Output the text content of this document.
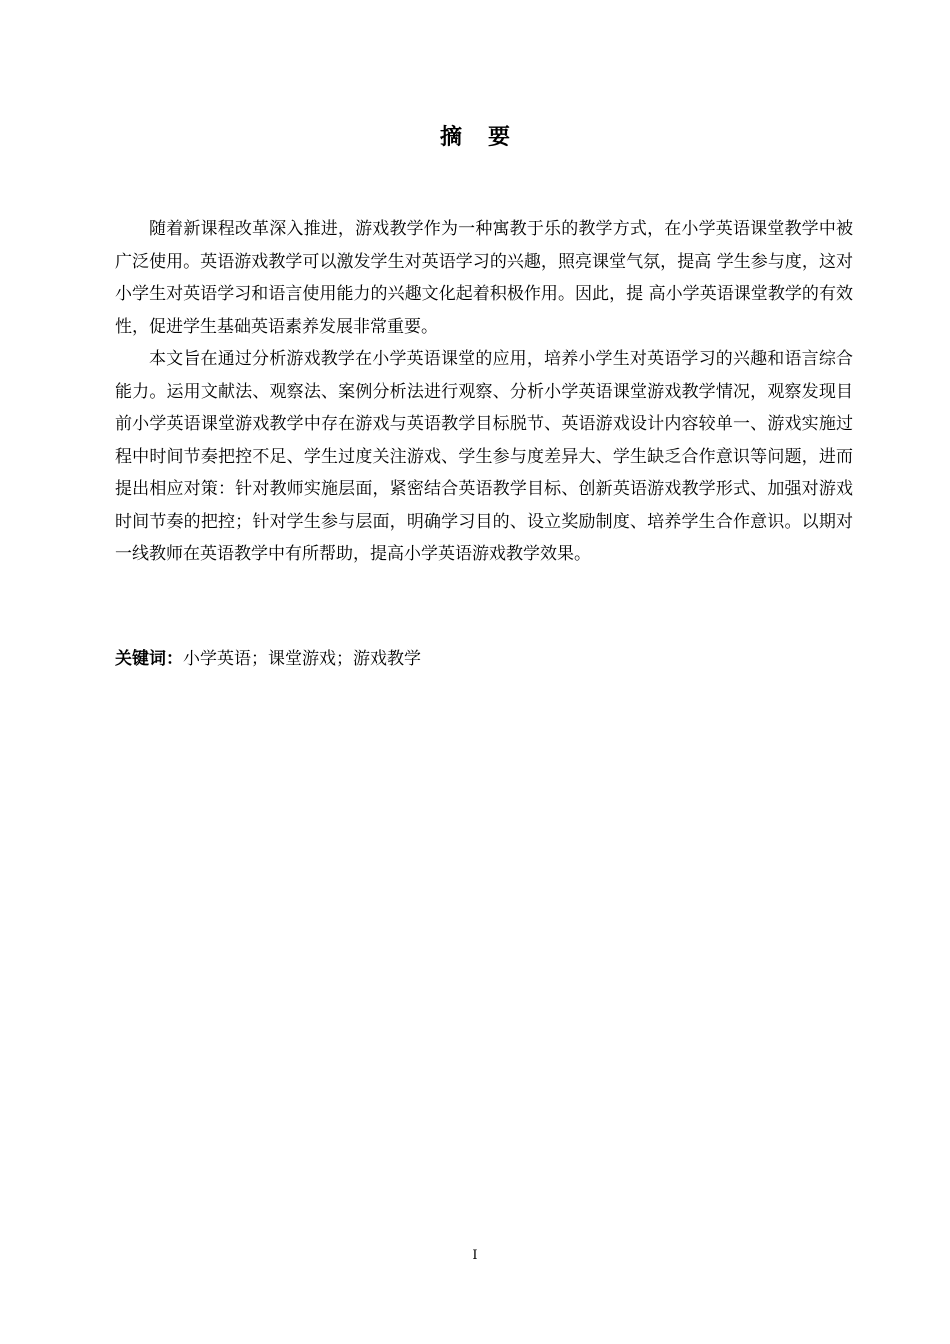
摘要

随着新课程改革深入推进，游戏教学作为一种寓教于乐的教学方式，在小学英语课堂教学中被广泛使用。英语游戏教学可以激发学生对英语学习的兴趣，照亮课堂气氛，提高 学生参与度，这对小学生对英语学习和语言使用能力的兴趣文化起着积极作用。因此，提 高小学英语课堂教学的有效性，促进学生基础英语素养发展非常重要。

本文旨在通过分析游戏教学在小学英语课堂的应用，培养小学生对英语学习的兴趣和语言综合能力。运用文献法、观察法、案例分析法进行观察、分析小学英语课堂游戏教学情况，观察发现目前小学英语课堂游戏教学中存在游戏与英语教学目标脱节、英语游戏设计内容较单一、游戏实施过程中时间节奏把控不足、学生过度关注游戏、学生参与度差异大、学生缺乏合作意识等问题，进而提出相应对策：针对教师实施层面，紧密结合英语教学目标、创新英语游戏教学形式、加强对游戏时间节奏的把控；针对学生参与层面，明确学习目的、设立奖励制度、培养学生合作意识。以期对一线教师在英语教学中有所帮助，提高小学英语游戏教学效果。

关键词：小学英语；课堂游戏；游戏教学
I
